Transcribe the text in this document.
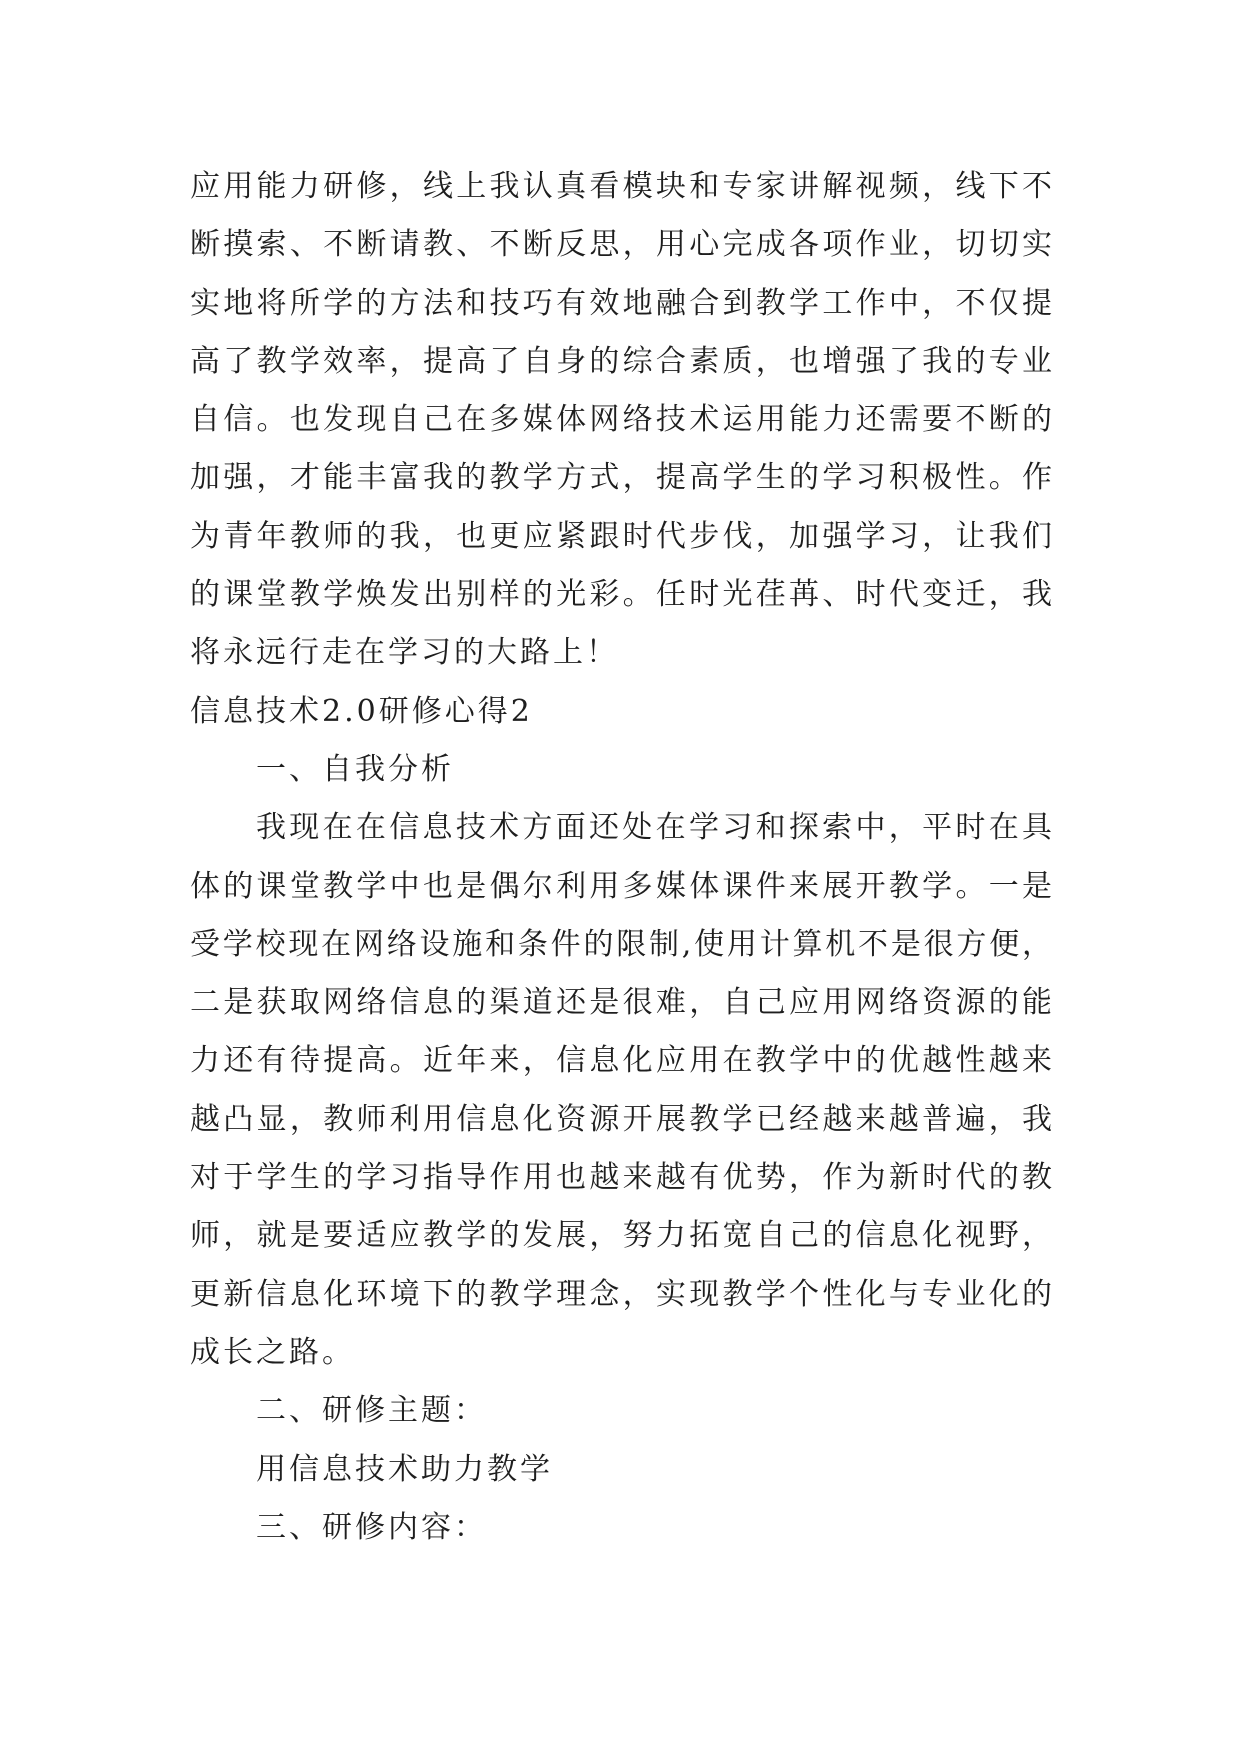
应用能力研修，线上我认真看模块和专家讲解视频，线下不
断摸索、不断请教、不断反思，用心完成各项作业，切切实
实地将所学的方法和技巧有效地融合到教学工作中，不仅提
高了教学效率，提高了自身的综合素质，也增强了我的专业
自信。也发现自己在多媒体网络技术运用能力还需要不断的
加强，才能丰富我的教学方式，提高学生的学习积极性。作
为青年教师的我，也更应紧跟时代步伐，加强学习，让我们
的课堂教学焕发出别样的光彩。任时光荏苒、时代变迁，我
将永远行走在学习的大路上！
信息技术2.0研修心得2
一、自我分析
我现在在信息技术方面还处在学习和探索中，平时在具
体的课堂教学中也是偶尔利用多媒体课件来展开教学。一是
受学校现在网络设施和条件的限制,使用计算机不是很方便，
二是获取网络信息的渠道还是很难，自己应用网络资源的能
力还有待提高。近年来，信息化应用在教学中的优越性越来
越凸显，教师利用信息化资源开展教学已经越来越普遍，我
对于学生的学习指导作用也越来越有优势，作为新时代的教
师，就是要适应教学的发展，努力拓宽自己的信息化视野，
更新信息化环境下的教学理念，实现教学个性化与专业化的
成长之路。
二、研修主题：
用信息技术助力教学
三、研修内容：
